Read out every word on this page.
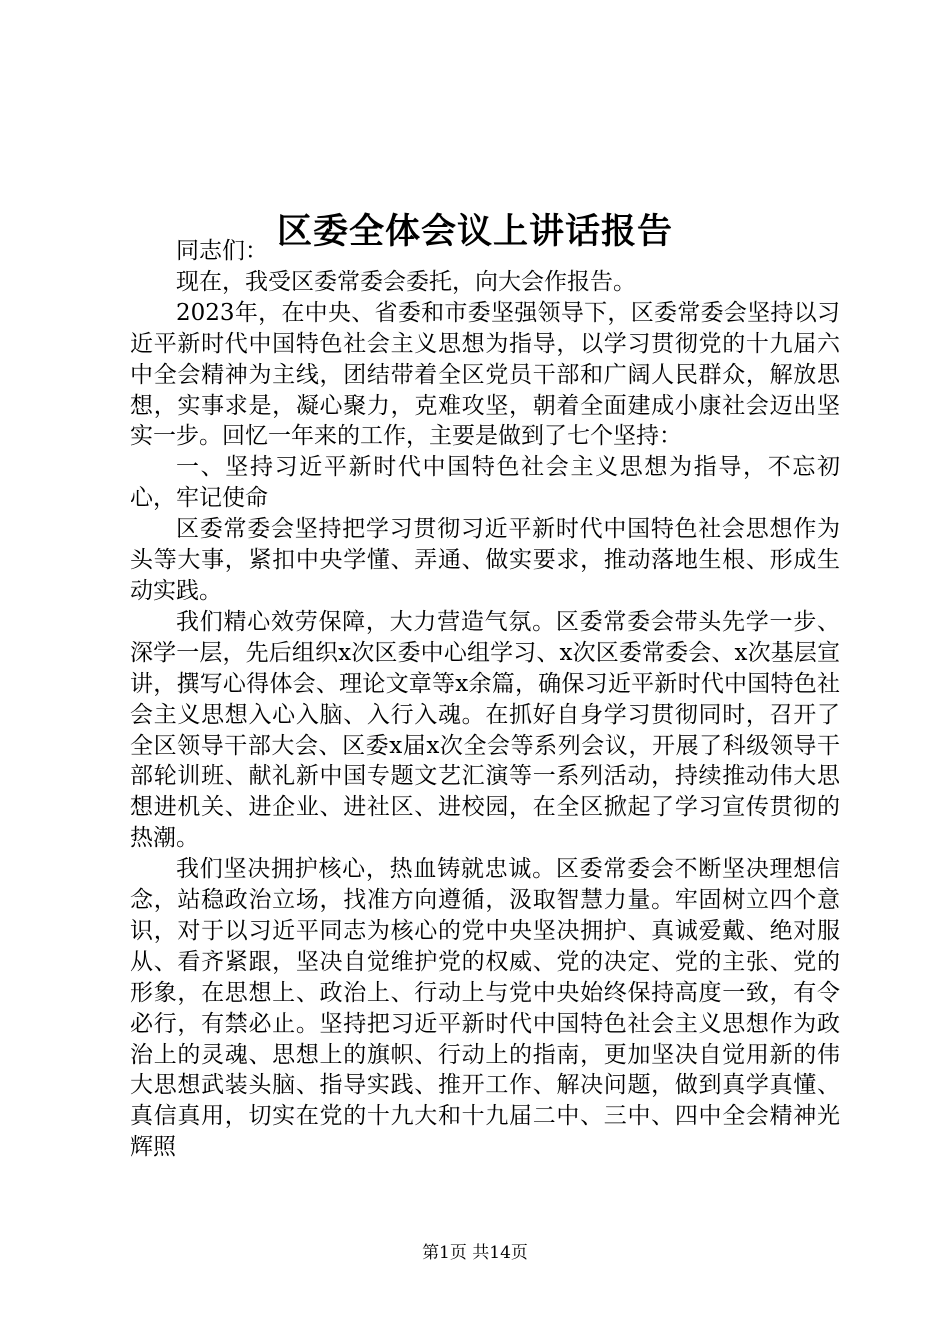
区委全体会议上讲话报告

同志们：

现在，我受区委常委会委托，向大会作报告。

2023年，在中央、省委和市委坚强领导下，区委常委会坚持以习近平新时代中国特色社会主义思想为指导，以学习贯彻党的十九届六中全会精神为主线，团结带着全区党员干部和广阔人民群众，解放思想，实事求是，凝心聚力，克难攻坚，朝着全面建成小康社会迈出坚实一步。回忆一年来的工作，主要是做到了七个坚持：

一、坚持习近平新时代中国特色社会主义思想为指导，不忘初心，牢记使命

区委常委会坚持把学习贯彻习近平新时代中国特色社会思想作为头等大事，紧扣中央学懂、弄通、做实要求，推动落地生根、形成生动实践。

我们精心效劳保障，大力营造气氛。区委常委会带头先学一步、深学一层，先后组织x次区委中心组学习、x次区委常委会、x次基层宣讲，撰写心得体会、理论文章等x余篇，确保习近平新时代中国特色社会主义思想入心入脑、入行入魂。在抓好自身学习贯彻同时，召开了全区领导干部大会、区委x届x次全会等系列会议，开展了科级领导干部轮训班、献礼新中国专题文艺汇演等一系列活动，持续推动伟大思想进机关、进企业、进社区、进校园，在全区掀起了学习宣传贯彻的热潮。

我们坚决拥护核心，热血铸就忠诚。区委常委会不断坚决理想信念，站稳政治立场，找准方向遵循，汲取智慧力量。牢固树立四个意识，对于以习近平同志为核心的党中央坚决拥护、真诚爱戴、绝对服从、看齐紧跟，坚决自觉维护党的权威、党的决定、党的主张、党的形象，在思想上、政治上、行动上与党中央始终保持高度一致，有令必行，有禁必止。坚持把习近平新时代中国特色社会主义思想作为政治上的灵魂、思想上的旗帜、行动上的指南，更加坚决自觉用新的伟大思想武装头脑、指导实践、推开工作、解决问题，做到真学真懂、真信真用，切实在党的十九大和十九届二中、三中、四中全会精神光辉照

第1页 共14页
